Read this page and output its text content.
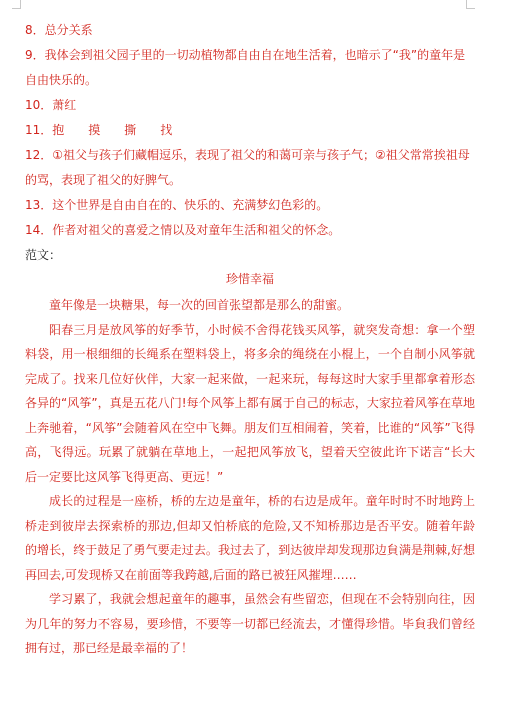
8．总分关系
9．我体会到祖父园子里的一切动植物都自由自在地生活着，也暗示了“我”的童年是自由快乐的。
10．萧红
11．抱　　摸　　撕　　找
12．①祖父与孩子们藏帽逗乐，表现了祖父的和蔼可亲与孩子气；②祖父常常挨祖母的骂，表现了祖父的好脾气。
13．这个世界是自由自在的、快乐的、充满梦幻色彩的。
14．作者对祖父的喜爱之情以及对童年生活和祖父的怀念。
范文：
珍惜幸福

童年像是一块糖果，每一次的回首张望都是那么的甜蜜。

阳春三月是放风筝的好季节，小时候不舍得花钱买风筝，就突发奇想：拿一个塑料袋，用一根细细的长绳系在塑料袋上，将多余的绳绕在小棍上，一个自制小风筝就完成了。找来几位好伙伴，大家一起来做，一起来玩，每每这时大家手里都拿着形态各异的“风筝”，真是五花八门!每个风筝上都有属于自己的标志，大家拉着风筝在草地上奔驰着，“风筝”会随着风在空中飞舞。朋友们互相闹着，笑着，比谁的“风筝”飞得高，飞得远。玩累了就躺在草地上，一起把风筝放飞，望着天空彼此许下诺言“长大后一定要比这风筝飞得更高、更远！”

成长的过程是一座桥，桥的左边是童年，桥的右边是成年。童年时时不时地跨上桥走到彼岸去探索桥的那边,但却又怕桥底的危险,又不知桥那边是否平安。随着年龄的增长，终于鼓足了勇气要走过去。我过去了，到达彼岸却发现那边貟满是荆棘,好想再回去,可发现桥又在前面等我跨越,后面的路已被狂风摧埋……

学习累了，我就会想起童年的趣事，虽然会有些留恋，但现在不会特别向往，因为几年的努力不容易，要珍惜，不要等一切都已经流去，才懂得珍惜。毕貟我们曾经拥有过，那已经是最幸福的了！
